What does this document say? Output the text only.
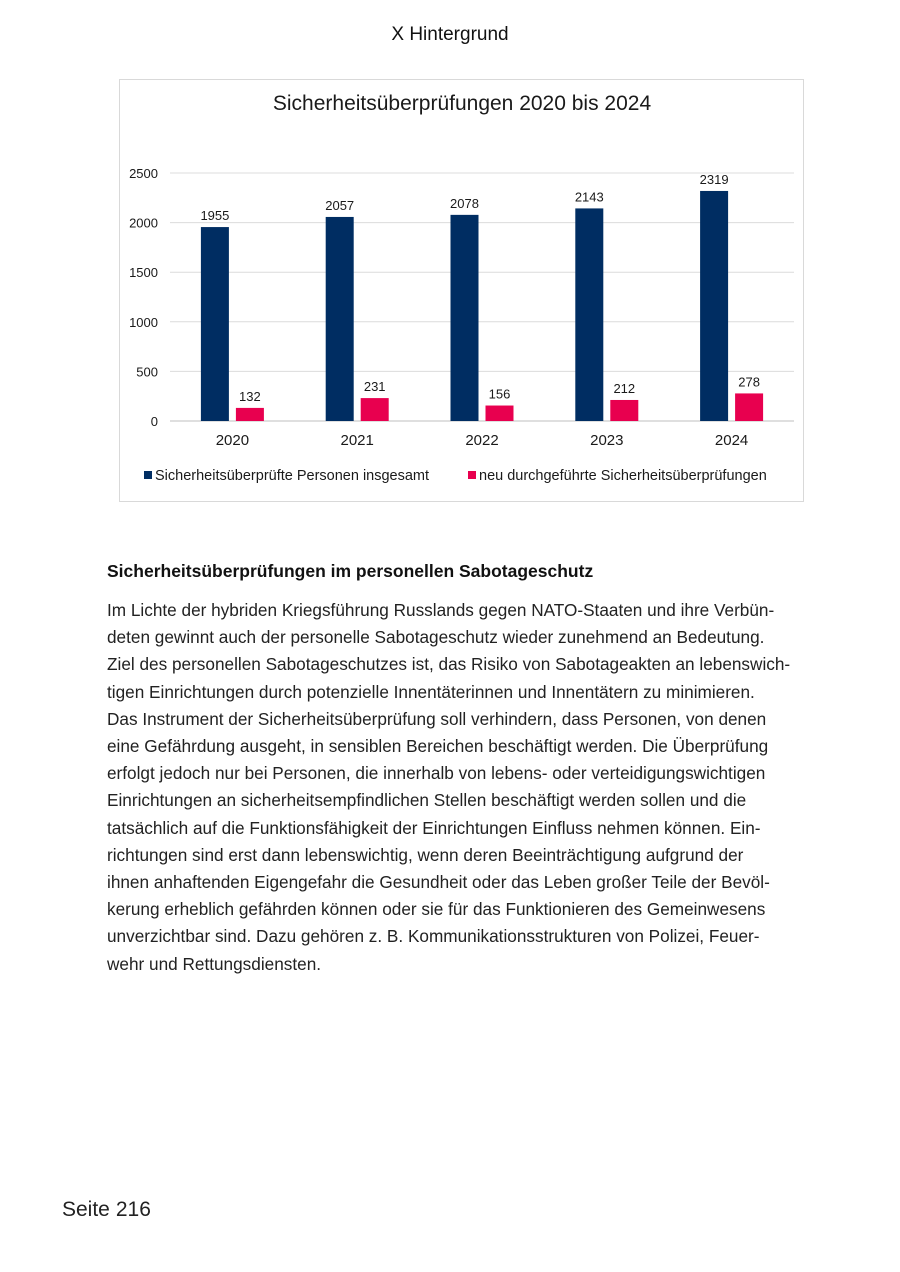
X Hintergrund
Sicherheitsüberprüfungen 2020 bis 2024
0
500
1000
1500
2000
2500
1955
132
2057
231
2078
156
2143
212
2319
278
2020	2021	2022	2023	2024
Sicherheitsüberprüfte Personen insgesamt	neu durchgeführte Sicherheitsüberprüfungen
Sicherheitsüberprüfungen im personellen Sabotageschutz

Im Lichte der hybriden Kriegsführung Russlands gegen NATO-Staaten und ihre Verbün-
deten gewinnt auch der personelle Sabotageschutz wieder zunehmend an Bedeutung.
Ziel des personellen Sabotageschutzes ist, das Risiko von Sabotageakten an lebenswich-
tigen Einrichtungen durch potenzielle Innentäterinnen und Innentätern zu minimieren.
Das Instrument der Sicherheitsüberprüfung soll verhindern, dass Personen, von denen
eine Gefährdung ausgeht, in sensiblen Bereichen beschäftigt werden. Die Überprüfung
erfolgt jedoch nur bei Personen, die innerhalb von lebens- oder verteidigungswichtigen
Einrichtungen an sicherheitsempfindlichen Stellen beschäftigt werden sollen und die
tatsächlich auf die Funktionsfähigkeit der Einrichtungen Einfluss nehmen können. Ein-
richtungen sind erst dann lebenswichtig, wenn deren Beeinträchtigung aufgrund der
ihnen anhaftenden Eigengefahr die Gesundheit oder das Leben großer Teile der Bevöl-
kerung erheblich gefährden können oder sie für das Funktionieren des Gemeinwesens
unverzichtbar sind. Dazu gehören z. B. Kommunikationsstrukturen von Polizei, Feuer-
wehr und Rettungsdiensten.

Seite 216
